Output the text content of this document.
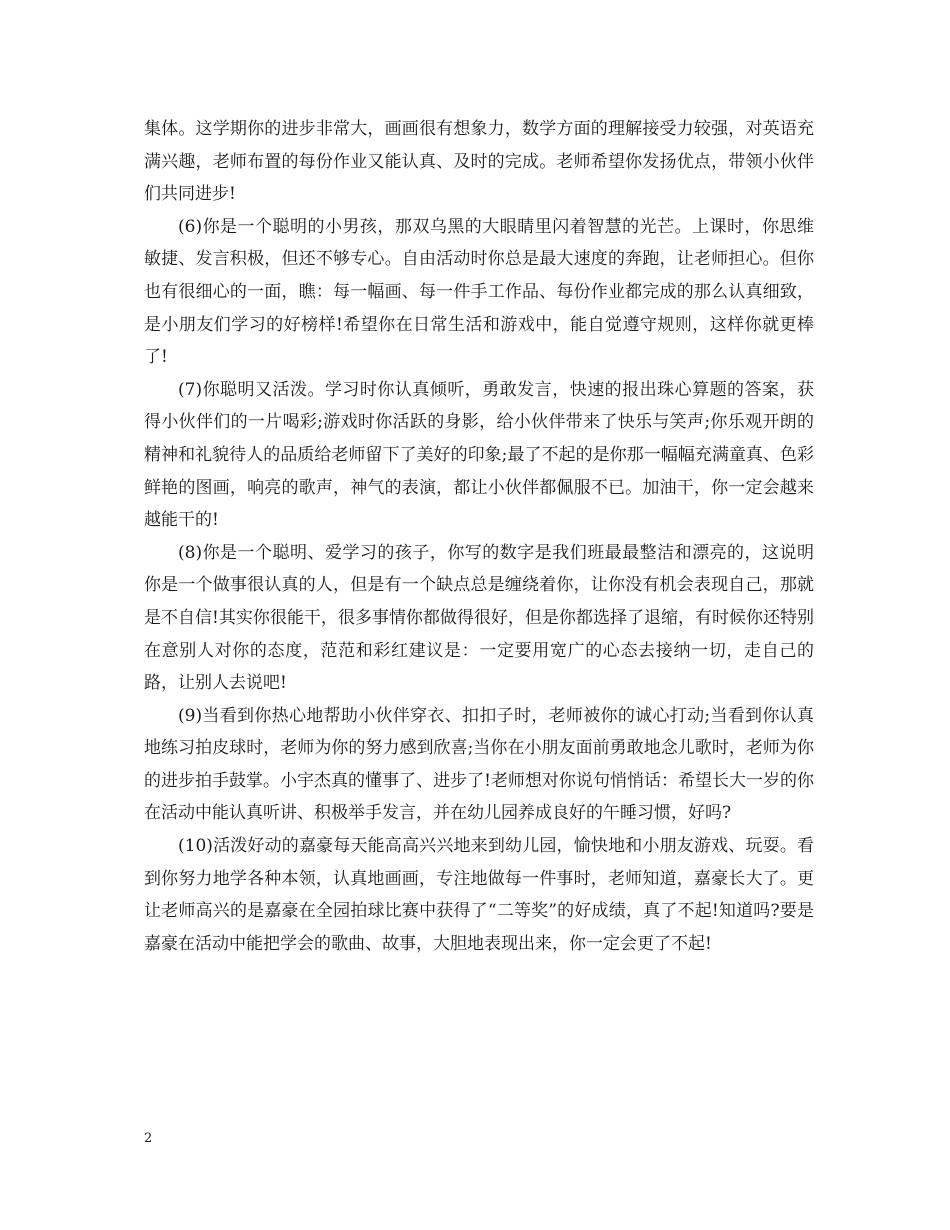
集体。这学期你的进步非常大，画画很有想象力，数学方面的理解接受力较强，对英语充满兴趣，老师布置的每份作业又能认真、及时的完成。老师希望你发扬优点，带领小伙伴们共同进步!

(6)你是一个聪明的小男孩，那双乌黑的大眼睛里闪着智慧的光芒。上课时，你思维敏捷、发言积极，但还不够专心。自由活动时你总是最大速度的奔跑，让老师担心。但你也有很细心的一面，瞧：每一幅画、每一件手工作品、每份作业都完成的那么认真细致，是小朋友们学习的好榜样!希望你在日常生活和游戏中，能自觉遵守规则，这样你就更棒了!

(7)你聪明又活泼。学习时你认真倾听，勇敢发言，快速的报出珠心算题的答案，获得小伙伴们的一片喝彩;游戏时你活跃的身影，给小伙伴带来了快乐与笑声;你乐观开朗的精神和礼貌待人的品质给老师留下了美好的印象;最了不起的是你那一幅幅充满童真、色彩鲜艳的图画，响亮的歌声，神气的表演，都让小伙伴都佩服不已。加油干，你一定会越来越能干的!

(8)你是一个聪明、爱学习的孩子，你写的数字是我们班最最整洁和漂亮的，这说明你是一个做事很认真的人，但是有一个缺点总是缠绕着你，让你没有机会表现自己，那就是不自信!其实你很能干，很多事情你都做得很好，但是你都选择了退缩，有时候你还特别在意别人对你的态度，范范和彩红建议是：一定要用宽广的心态去接纳一切，走自己的路，让别人去说吧!

(9)当看到你热心地帮助小伙伴穿衣、扣扣子时，老师被你的诚心打动;当看到你认真地练习拍皮球时，老师为你的努力感到欣喜;当你在小朋友面前勇敢地念儿歌时，老师为你的进步拍手鼓掌。小宇杰真的懂事了、进步了!老师想对你说句悄悄话：希望长大一岁的你在活动中能认真听讲、积极举手发言，并在幼儿园养成良好的午睡习惯，好吗?

(10)活泼好动的嘉豪每天能高高兴兴地来到幼儿园，愉快地和小朋友游戏、玩耍。看到你努力地学各种本领，认真地画画，专注地做每一件事时，老师知道，嘉豪长大了。更让老师高兴的是嘉豪在全园拍球比赛中获得了“二等奖”的好成绩，真了不起!知道吗?要是嘉豪在活动中能把学会的歌曲、故事，大胆地表现出来，你一定会更了不起!

2
